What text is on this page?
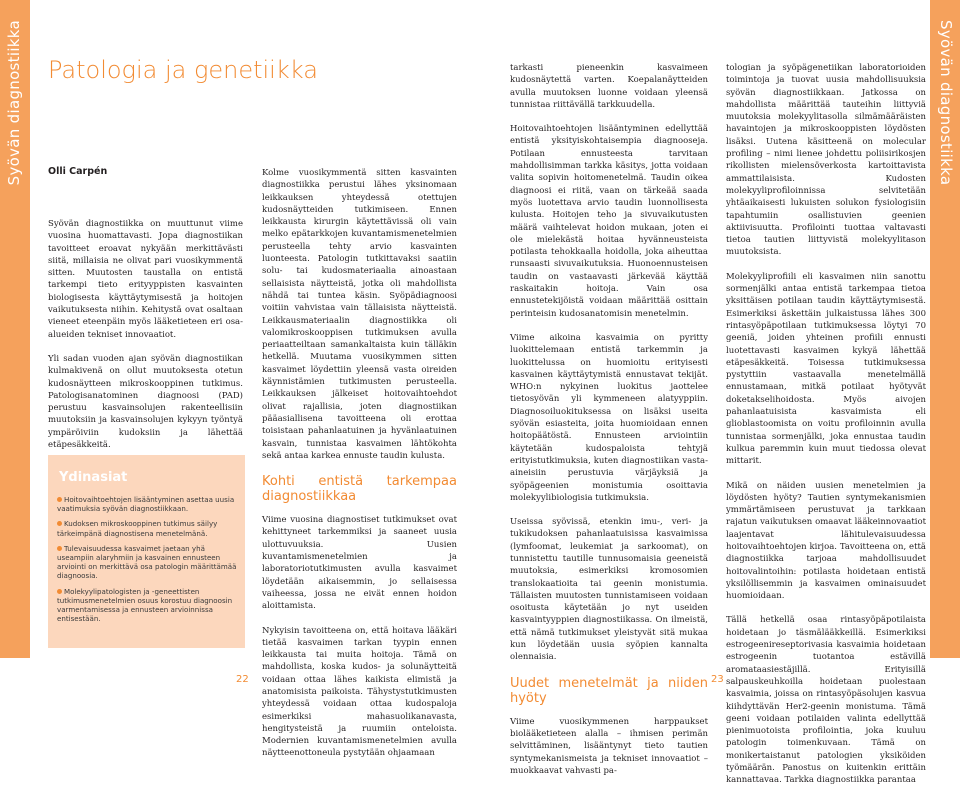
Syövän diagnostiikka	Syövän diagnostiikka
Patologia ja genetiikka
Olli Carpén

Syövän diagnostiikka on muuttunut viime vuosina huomattavasti. Jopa diagnostiikan tavoitteet eroavat nykyään merkittävästi siitä, millaisia ne olivat pari vuosikymmentä sitten. Muutosten taustalla on entistä tarkempi tieto erityyppisten kasvainten biologisesta käyttäytymisestä ja hoitojen vaikutuksesta niihin. Kehitystä ovat osaltaan vieneet eteenpäin myös lääketieteen eri osa-alueiden tekniset innovaatiot.

Yli sadan vuoden ajan syövän diagnostiikan kulmakivenä on ollut muutoksesta otetun kudosnäytteen mikroskooppinen tutkimus. Patologisanatominen diagnoosi (PAD) perustuu kasvainsolujen rakenteellisiin muutoksiin ja kasvainsolujen kykyyn työntyä ympäröiviin kudoksiin ja lähettää etäpesäkkeitä.

Ydinasiat
Hoitovaihtoehtojen lisääntyminen asettaa uusia vaatimuksia syövän diagnostiikkaan.
Kudoksen mikroskooppinen tutkimus säilyy tärkeimpänä diagnostisena menetelmänä.
Tulevaisuudessa kasvaimet jaetaan yhä useampiin alaryhmiin ja kasvainen ennusteen arviointi on merkittävä osa patologin määrittämää diagnoosia.
Molekyylipatologisten ja -geneettisten tutkimusmenetelmien osuus korostuu diagnoosin varmentamisessa ja ennusteen arvioinnissa entisestään.

Kolme vuosikymmentä sitten kasvainten diagnostiikka perustui lähes yksinomaan leikkauksen yhteydessä otettujen kudosnäytteiden tutkimiseen. Ennen leikkausta kirurgin käytettävissä oli vain melko epätarkkojen kuvantamismenetelmien perusteella tehty arvio kasvainten luonteesta. Patologin tutkittavaksi saatiin solu- tai kudosmateriaalia ainoastaan sellaisista näytteistä, jotka oli mahdollista nähdä tai tuntea käsin. Syöpädiagnoosi voitiin vahvistaa vain tällaisista näytteistä. Leikkausmateriaalin diagnostiikka oli valomikroskooppisen tutkimuksen avulla periaatteiltaan samankaltaista kuin tälläkin hetkellä. Muutama vuosikymmen sitten kasvaimet löydettiin yleensä vasta oireiden käynnistämien tutkimusten perusteella. Leikkauksen jälkeiset hoitovaihtoehdot olivat rajallisia, joten diagnostiikan pääasiallisena tavoitteena oli erottaa toisistaan pahanlaatuinen ja hyvänlaatuinen kasvain, tunnistaa kasvaimen lähtökohta sekä antaa karkea ennuste taudin kulusta.

Kohti entistä tarkempaa diagnostiikkaa

Viime vuosina diagnostiset tutkimukset ovat kehittyneet tarkemmiksi ja saaneet uusia ulottuvuuksia. Uusien kuvantamismenetelmien ja laboratoriotutkimusten avulla kasvaimet löydetään aikaisemmin, jo sellaisessa vaiheessa, jossa ne eivät ennen hoidon aloittamista.

Nykyisin tavoitteena on, että hoitava lääkäri tietää kasvaimen tarkan tyypin ennen leikkausta tai muita hoitoja. Tämä on mahdollista, koska kudos- ja solunäytteitä voidaan ottaa lähes kaikista elimistä ja anatomisista paikoista. Tähystystutkimusten yhteydessä voidaan ottaa kudospaloja esimerkiksi mahasuolikanavasta, hengitysteistä ja ruumiin onteloista. Modernien kuvantamismenetelmien avulla näytteenottoneula pystytään ohjaamaan

tarkasti pieneenkin kasvaimeen kudosnäytettä varten. Koepalanäytteiden avulla muutoksen luonne voidaan yleensä tunnistaa riittävällä tarkkuudella.

Hoitovaihtoehtojen lisääntyminen edellyttää entistä yksityiskohtaisempia diagnooseja. Potilaan ennusteesta tarvitaan mahdollisimman tarkka käsitys, jotta voidaan valita sopivin hoitomenetelmä. Taudin oikea diagnoosi ei riitä, vaan on tärkeää saada myös luotettava arvio taudin luonnollisesta kulusta. Hoitojen teho ja sivuvaikutusten määrä vaihtelevat hoidon mukaan, joten ei ole mielekästä hoitaa hyvänneusteista potilasta tehokkaalla hoidolla, joka aiheuttaa runsaasti sivuvaikutuksia. Huonoennusteisen taudin on vastaavasti järkevää käyttää raskaitakin hoitoja. Vain osa ennustetekijöistä voidaan määrittää osittain perinteisin kudosanatomisin menetelmin.

Viime aikoina kasvaimia on pyritty luokittelemaan entistä tarkemmin ja luokittelussa on huomioitu erityisesti kasvainen käyttäytymistä ennustavat tekijät. WHO:n nykyinen luokitus jaottelee tietosyövän yli kymmeneen alatyyppiin. Diagnosoiluokituksessa on lisäksi useita syövän esiasteita, joita huomioidaan ennen hoitopäätöstä. Ennusteen arviointiin käytetään kudospaloista tehtyjä erityistutkimuksia, kuten diagnostiikan vasta-aineisiin perustuvia värjäyksiä ja syöpägeenien monistumia osoittavia molekyylibiologisia tutkimuksia.

Useissa syövissä, etenkin imu-, veri- ja tukikudoksen pahanlaatuisissa kasvaimissa (lymfoomat, leukemiat ja sarkoomat), on tunnistettu tautille tunnusomaisia geeneistä muutoksia, esimerkiksi kromosomien translokaatioita tai geenin monistumia. Tällaisten muutosten tunnistamiseen voidaan osoitusta käytetään jo nyt useiden kasvaintyyppien diagnostiikassa. On ilmeistä, että nämä tutkimukset yleistyvät sitä mukaa kun löydetään uusia syöpien kannalta olennaisia.

Uudet menetelmät ja niiden hyöty

Viime vuosikymmenen harppaukset biolääketieteen alalla – ihmisen perimän selvittäminen, lisääntynyt tieto tautien syntymekanismeista ja tekniset innovaatiot – muokkaavat vahvasti pa-

tologian ja syöpägenetiikan laboratorioiden toimintoja ja tuovat uusia mahdollisuuksia syövän diagnostiikkaan. Jatkossa on mahdollista määrittää tauteihin liittyviä muutoksia molekyylitasolla silmämääräisten havaintojen ja mikroskooppisten löydösten lisäksi. Uutena käsitteenä on molecular profiling – nimi lienee johdettu poliisirikosjen rikollisten mielensöverkosta kartoittavista ammattilaisista. Kudosten molekyyliprofiloinnissa selvitetään yhtäaikaisesti lukuisten solukon fysiologisiin tapahtumiin osallistuvien geenien aktiivisuutta. Profilointi tuottaa valtavasti tietoa tautien liittyvistä molekyylitason muutoksista.

Molekyyliprofiili eli kasvaimen niin sanottu sormenjälki antaa entistä tarkempaa tietoa yksittäisen potilaan taudin käyttäytymisestä. Esimerkiksi äskettäin julkaistussa lähes 300 rintasyöpäpotilaan tutkimuksessa löytyi 70 geeniä, joiden yhteinen profiili ennusti luotettavasti kasvaimen kykyä lähettää etäpesäkkeitä. Toisessa tutkimuksessa pystyttiin vastaavalla menetelmällä ennustamaan, mitkä potilaat hyötyvät doketakselihoidosta. Myös aivojen pahanlaatuisista kasvaimista eli glioblastoomista on voitu profiloinnin avulla tunnistaa sormenjälki, joka ennustaa taudin kulkua paremmin kuin muut tiedossa olevat mittarit.

Mikä on näiden uusien menetelmien ja löydösten hyöty? Tautien syntymekanismien ymmärtämiseen perustuvat ja tarkkaan rajatun vaikutuksen omaavat lääkeinnovaatiot laajentavat lähitulevaisuudessa hoitovaihtoehtojen kirjoa. Tavoitteena on, että diagnostiikka tarjoaa mahdollisuudet hoitovalintoihin: potilasta hoidetaan entistä yksilöllisemmin ja kasvaimen ominaisuudet huomioidaan.

Tällä hetkellä osaa rintasyöpäpotilaista hoidetaan jo täsmälääkkeillä. Esimerkiksi estrogeenireseptorivasia kasvaimia hoidetaan estrogeenin tuotantoa estävillä aromataasiestäjillä. Erityisillä salpauskeuhkoilla hoidetaan puolestaan kasvaimia, joissa on rintasyöpäsolujen kasvua kiihdyttävän Her2-geenin monistuma. Tämä geeni voidaan potilaiden valinta edellyttää pienimuotoista profilointia, joka kuuluu patologin toimenkuvaan. Tämä on monikertaistanut patologien yksiköiden työmäärän. Panostus on kuitenkin erittäin kannattavaa. Tarkka diagnostiikka parantaa

22	23
